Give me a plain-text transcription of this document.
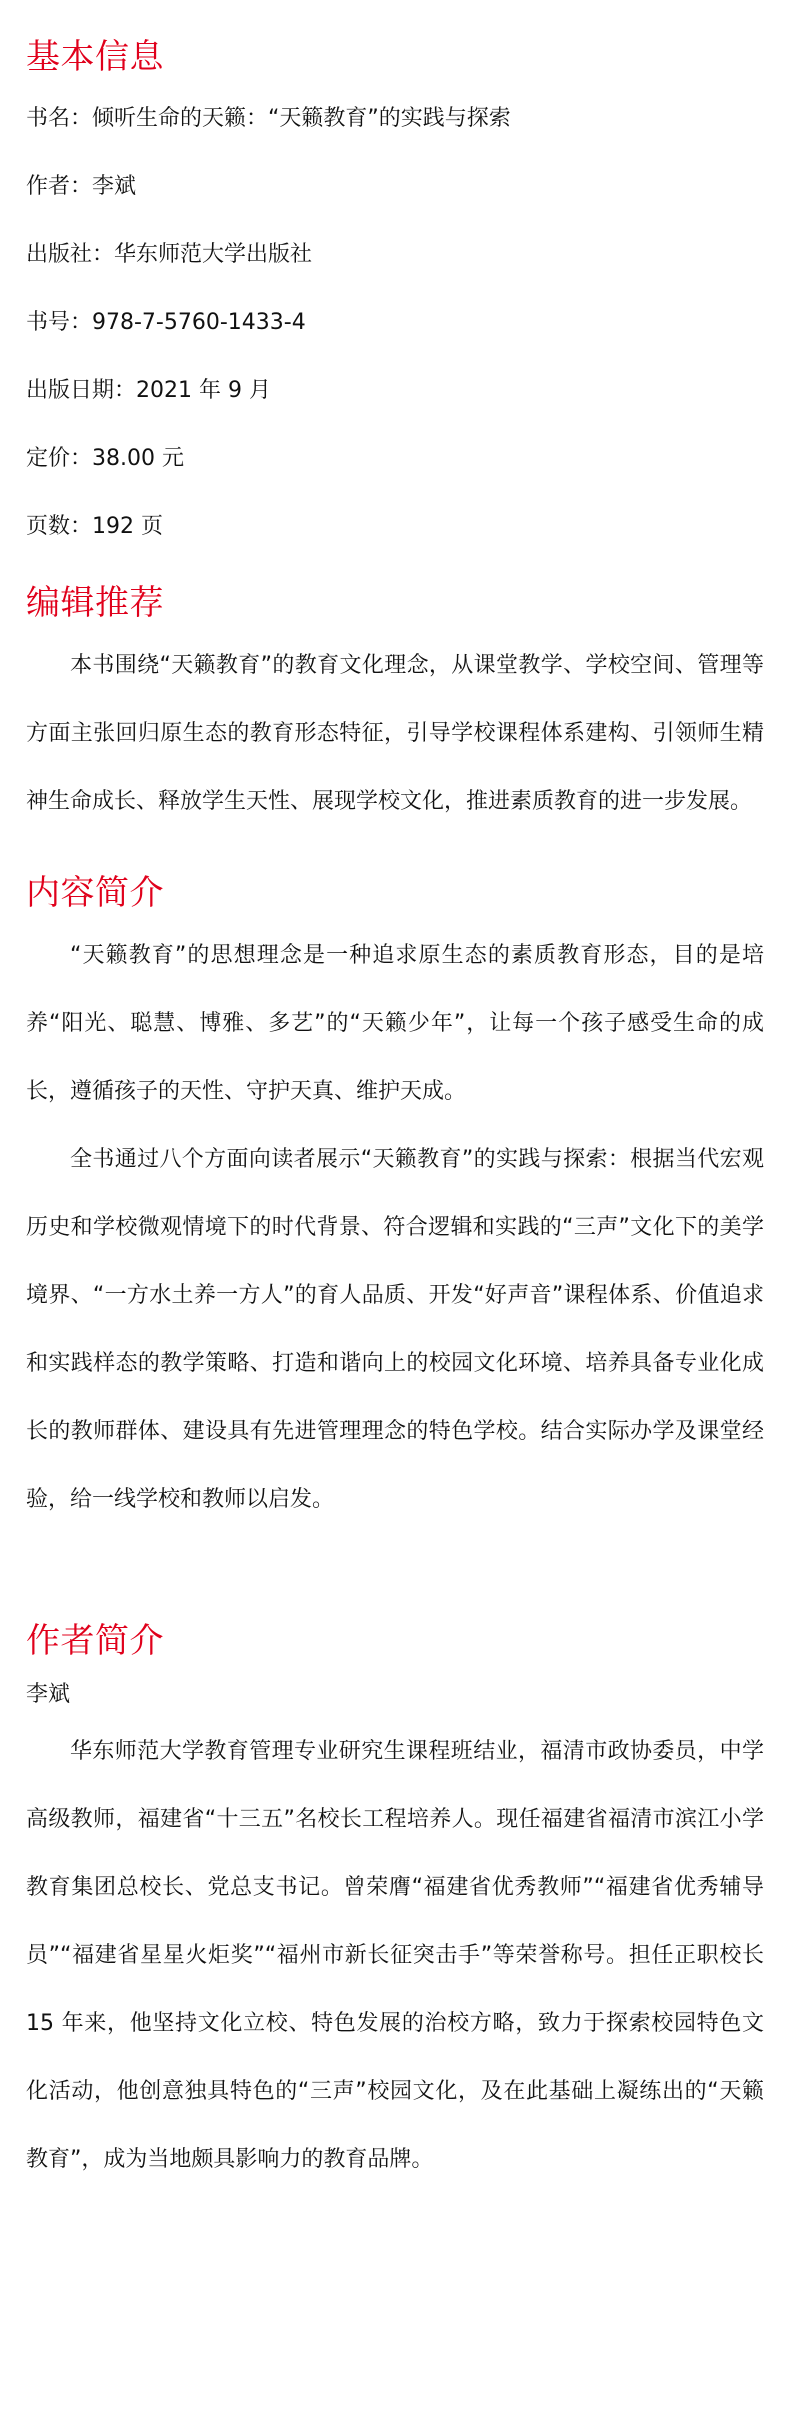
基本信息

书名：倾听生命的天籁：“天籁教育”的实践与探索

作者：李斌

出版社：华东师范大学出版社

书号：978-7-5760-1433-4

出版日期：2021 年 9 月

定价：38.00 元

页数：192 页

编辑推荐

本书围绕“天籁教育”的教育文化理念，从课堂教学、学校空间、管理等方面主张回归原生态的教育形态特征，引导学校课程体系建构、引领师生精神生命成长、释放学生天性、展现学校文化，推进素质教育的进一步发展。

内容简介

“天籁教育”的思想理念是一种追求原生态的素质教育形态，目的是培养“阳光、聪慧、博雅、多艺”的“天籁少年”，让每一个孩子感受生命的成长，遵循孩子的天性、守护天真、维护天成。

全书通过八个方面向读者展示“天籁教育”的实践与探索：根据当代宏观历史和学校微观情境下的时代背景、符合逻辑和实践的“三声”文化下的美学境界、“一方水土养一方人”的育人品质、开发“好声音”课程体系、价值追求和实践样态的教学策略、打造和谐向上的校园文化环境、培养具备专业化成长的教师群体、建设具有先进管理理念的特色学校。结合实际办学及课堂经验，给一线学校和教师以启发。

作者简介

李斌

华东师范大学教育管理专业研究生课程班结业，福清市政协委员，中学高级教师，福建省“十三五”名校长工程培养人。现任福建省福清市滨江小学教育集团总校长、党总支书记。曾荣膺“福建省优秀教师”“福建省优秀辅导员”“福建省星星火炬奖”“福州市新长征突击手”等荣誉称号。担任正职校长 15 年来，他坚持文化立校、特色发展的治校方略，致力于探索校园特色文化活动，他创意独具特色的“三声”校园文化，及在此基础上凝练出的“天籁教育”，成为当地颇具影响力的教育品牌。
